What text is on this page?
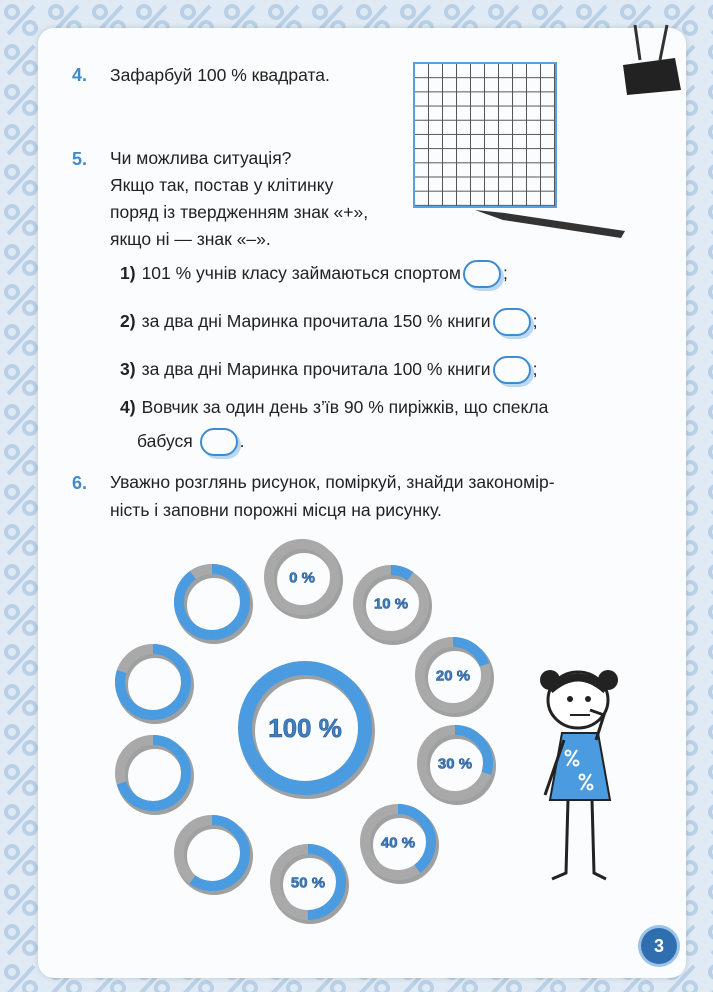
4. Зафарбуй 100 % квадрата.
5. Чи можлива ситуація?
Якщо так, постав у клітинку
поряд із твердженням знак «+»,
якщо ні — знак «–».
1) 101 % учнів класу займаються спортом ;
2) за два дні Маринка прочитала 150 % книги ;
3) за два дні Маринка прочитала 100 % книги ;
4) Вовчик за один день з’їв 90 % пиріжків, що спекла
бабуся	.
6. Уважно розглянь рисунок, поміркуй, знайди закономір-
ність і заповни порожні місця на рисунку.
100 %
0 %
10 %
20 %
30 %
40 %
50 %
3
